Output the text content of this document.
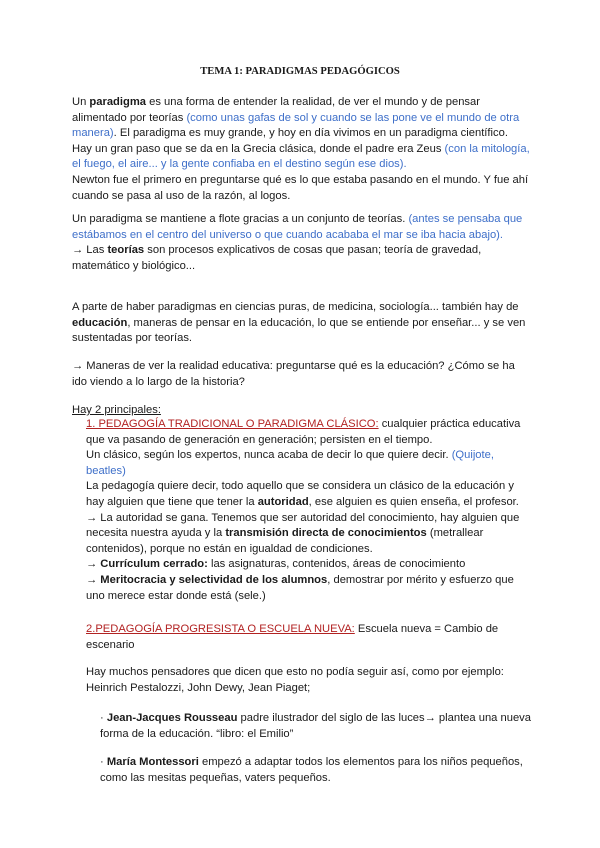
TEMA 1: PARADIGMAS PEDAGÓGICOS

Un paradigma es una forma de entender la realidad, de ver el mundo y de pensar alimentado por teorías (como unas gafas de sol y cuando se las pone ve el mundo de otra manera). El paradigma es muy grande, y hoy en día vivimos en un paradigma científico.
Hay un gran paso que se da en la Grecia clásica, donde el padre era Zeus (con la mitología, el fuego, el aire... y la gente confiaba en el destino según ese dios).
Newton fue el primero en preguntarse qué es lo que estaba pasando en el mundo. Y fue ahí cuando se pasa al uso de la razón, al logos.

Un paradigma se mantiene a flote gracias a un conjunto de teorías. (antes se pensaba que estábamos en el centro del universo o que cuando acababa el mar se iba hacia abajo).
→ Las teorías son procesos explicativos de cosas que pasan; teoría de gravedad, matemático y biológico...

A parte de haber paradigmas en ciencias puras, de medicina, sociología... también hay de educación, maneras de pensar en la educación, lo que se entiende por enseñar... y se ven sustentadas por teorías.

→ Maneras de ver la realidad educativa: preguntarse qué es la educación? ¿Cómo se ha ido viendo a lo largo de la historia?

Hay 2 principales:

1. PEDAGOGÍA TRADICIONAL O PARADIGMA CLÁSICO: cualquier práctica educativa que va pasando de generación en generación; persisten en el tiempo.
Un clásico, según los expertos, nunca acaba de decir lo que quiere decir. (Quijote, beatles)
La pedagogía quiere decir, todo aquello que se considera un clásico de la educación y hay alguien que tiene que tener la autoridad, ese alguien es quien enseña, el profesor.
→ La autoridad se gana. Tenemos que ser autoridad del conocimiento, hay alguien que necesita nuestra ayuda y la transmisión directa de conocimientos (metrallear contenidos), porque no están en igualdad de condiciones.
→ Currículum cerrado: las asignaturas, contenidos, áreas de conocimiento
→ Meritocracia y selectividad de los alumnos, demostrar por mérito y esfuerzo que uno merece estar donde está (sele.)

2.PEDAGOGÍA PROGRESISTA O ESCUELA NUEVA: Escuela nueva = Cambio de escenario

Hay muchos pensadores que dicen que esto no podía seguir así, como por ejemplo: Heinrich Pestalozzi, John Dewy, Jean Piaget;

· Jean-Jacques Rousseau padre ilustrador del siglo de las luces→ plantea una nueva forma de la educación. “libro: el Emilio”

· María Montessori empezó a adaptar todos los elementos para los niños pequeños, como las mesitas pequeñas, vaters pequeños.
